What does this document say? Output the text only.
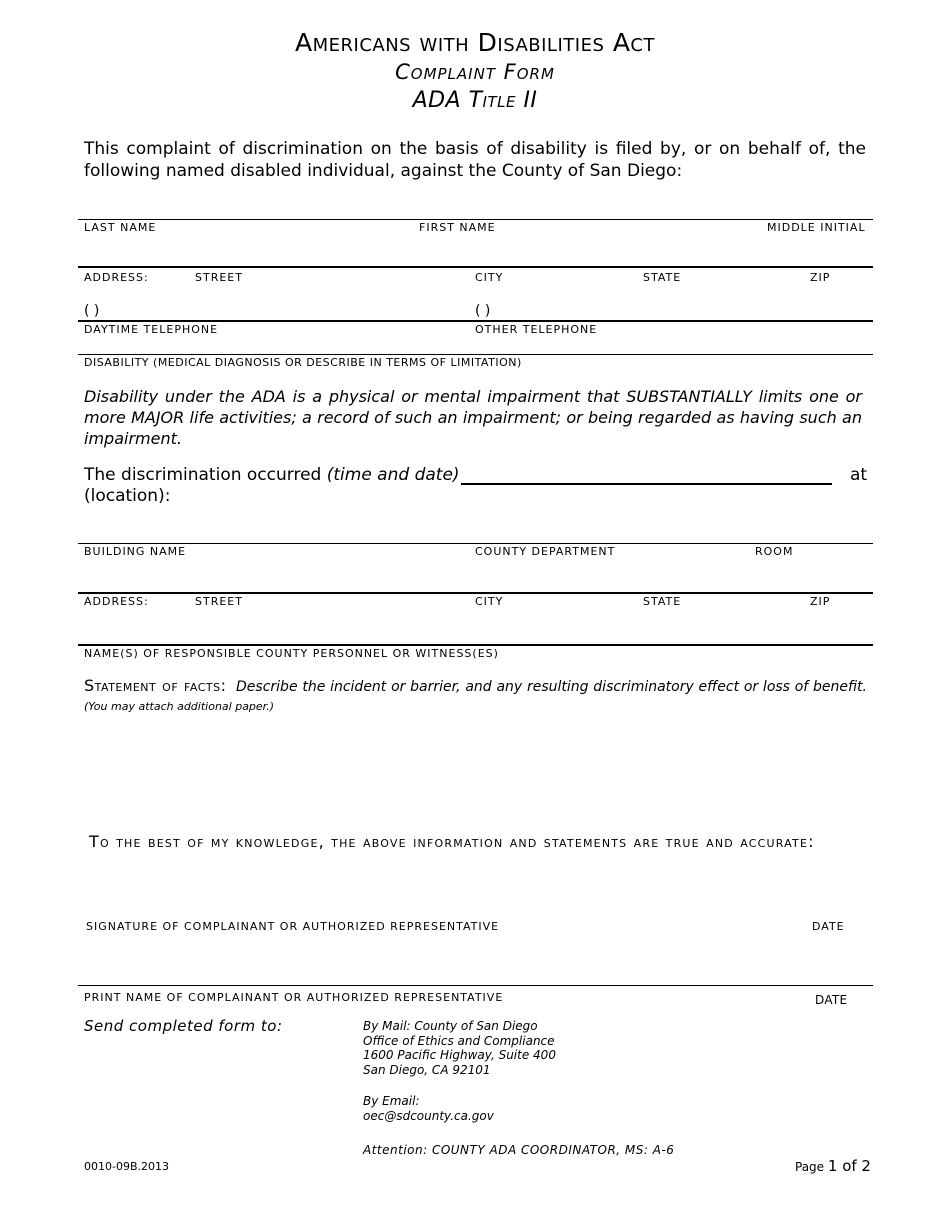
Americans with Disabilities Act
Complaint Form
ADA Title II
This complaint of discrimination on the basis of disability is filed by, or on behalf of, the following named disabled individual, against the County of San Diego:
LAST NAME	FIRST NAME	MIDDLE INITIAL
ADDRESS:	STREET	CITY	STATE	ZIP
( )	( )
DAYTIME TELEPHONE	OTHER TELEPHONE
DISABILITY (MEDICAL DIAGNOSIS OR DESCRIBE IN TERMS OF LIMITATION)
Disability under the ADA is a physical or mental impairment that SUBSTANTIALLY limits one or more MAJOR life activities; a record of such an impairment; or being regarded as having such an impairment.
The discrimination occurred (time and date)	at
(location):
BUILDING NAME	COUNTY DEPARTMENT	ROOM
ADDRESS:	STREET	CITY	STATE	ZIP
NAME(S) OF RESPONSIBLE COUNTY PERSONNEL OR WITNESS(ES)
Statement of facts: Describe the incident or barrier, and any resulting discriminatory effect or loss of benefit. $^{(You may attach additional paper.)}$
To the best of my knowledge, the above information and statements are true and accurate:
SIGNATURE OF COMPLAINANT OR AUTHORIZED REPRESENTATIVE	DATE
PRINT NAME OF COMPLAINANT OR AUTHORIZED REPRESENTATIVE	DATE
Send completed form to:	By Mail: County of San Diego
Office of Ethics and Compliance
1600 Pacific Highway, Suite 400
San Diego, CA 92101
By Email:
oec@sdcounty.ca.gov
Attention: COUNTY ADA COORDINATOR, MS: A-6
0010-09B.2013	Page 1 of 2
